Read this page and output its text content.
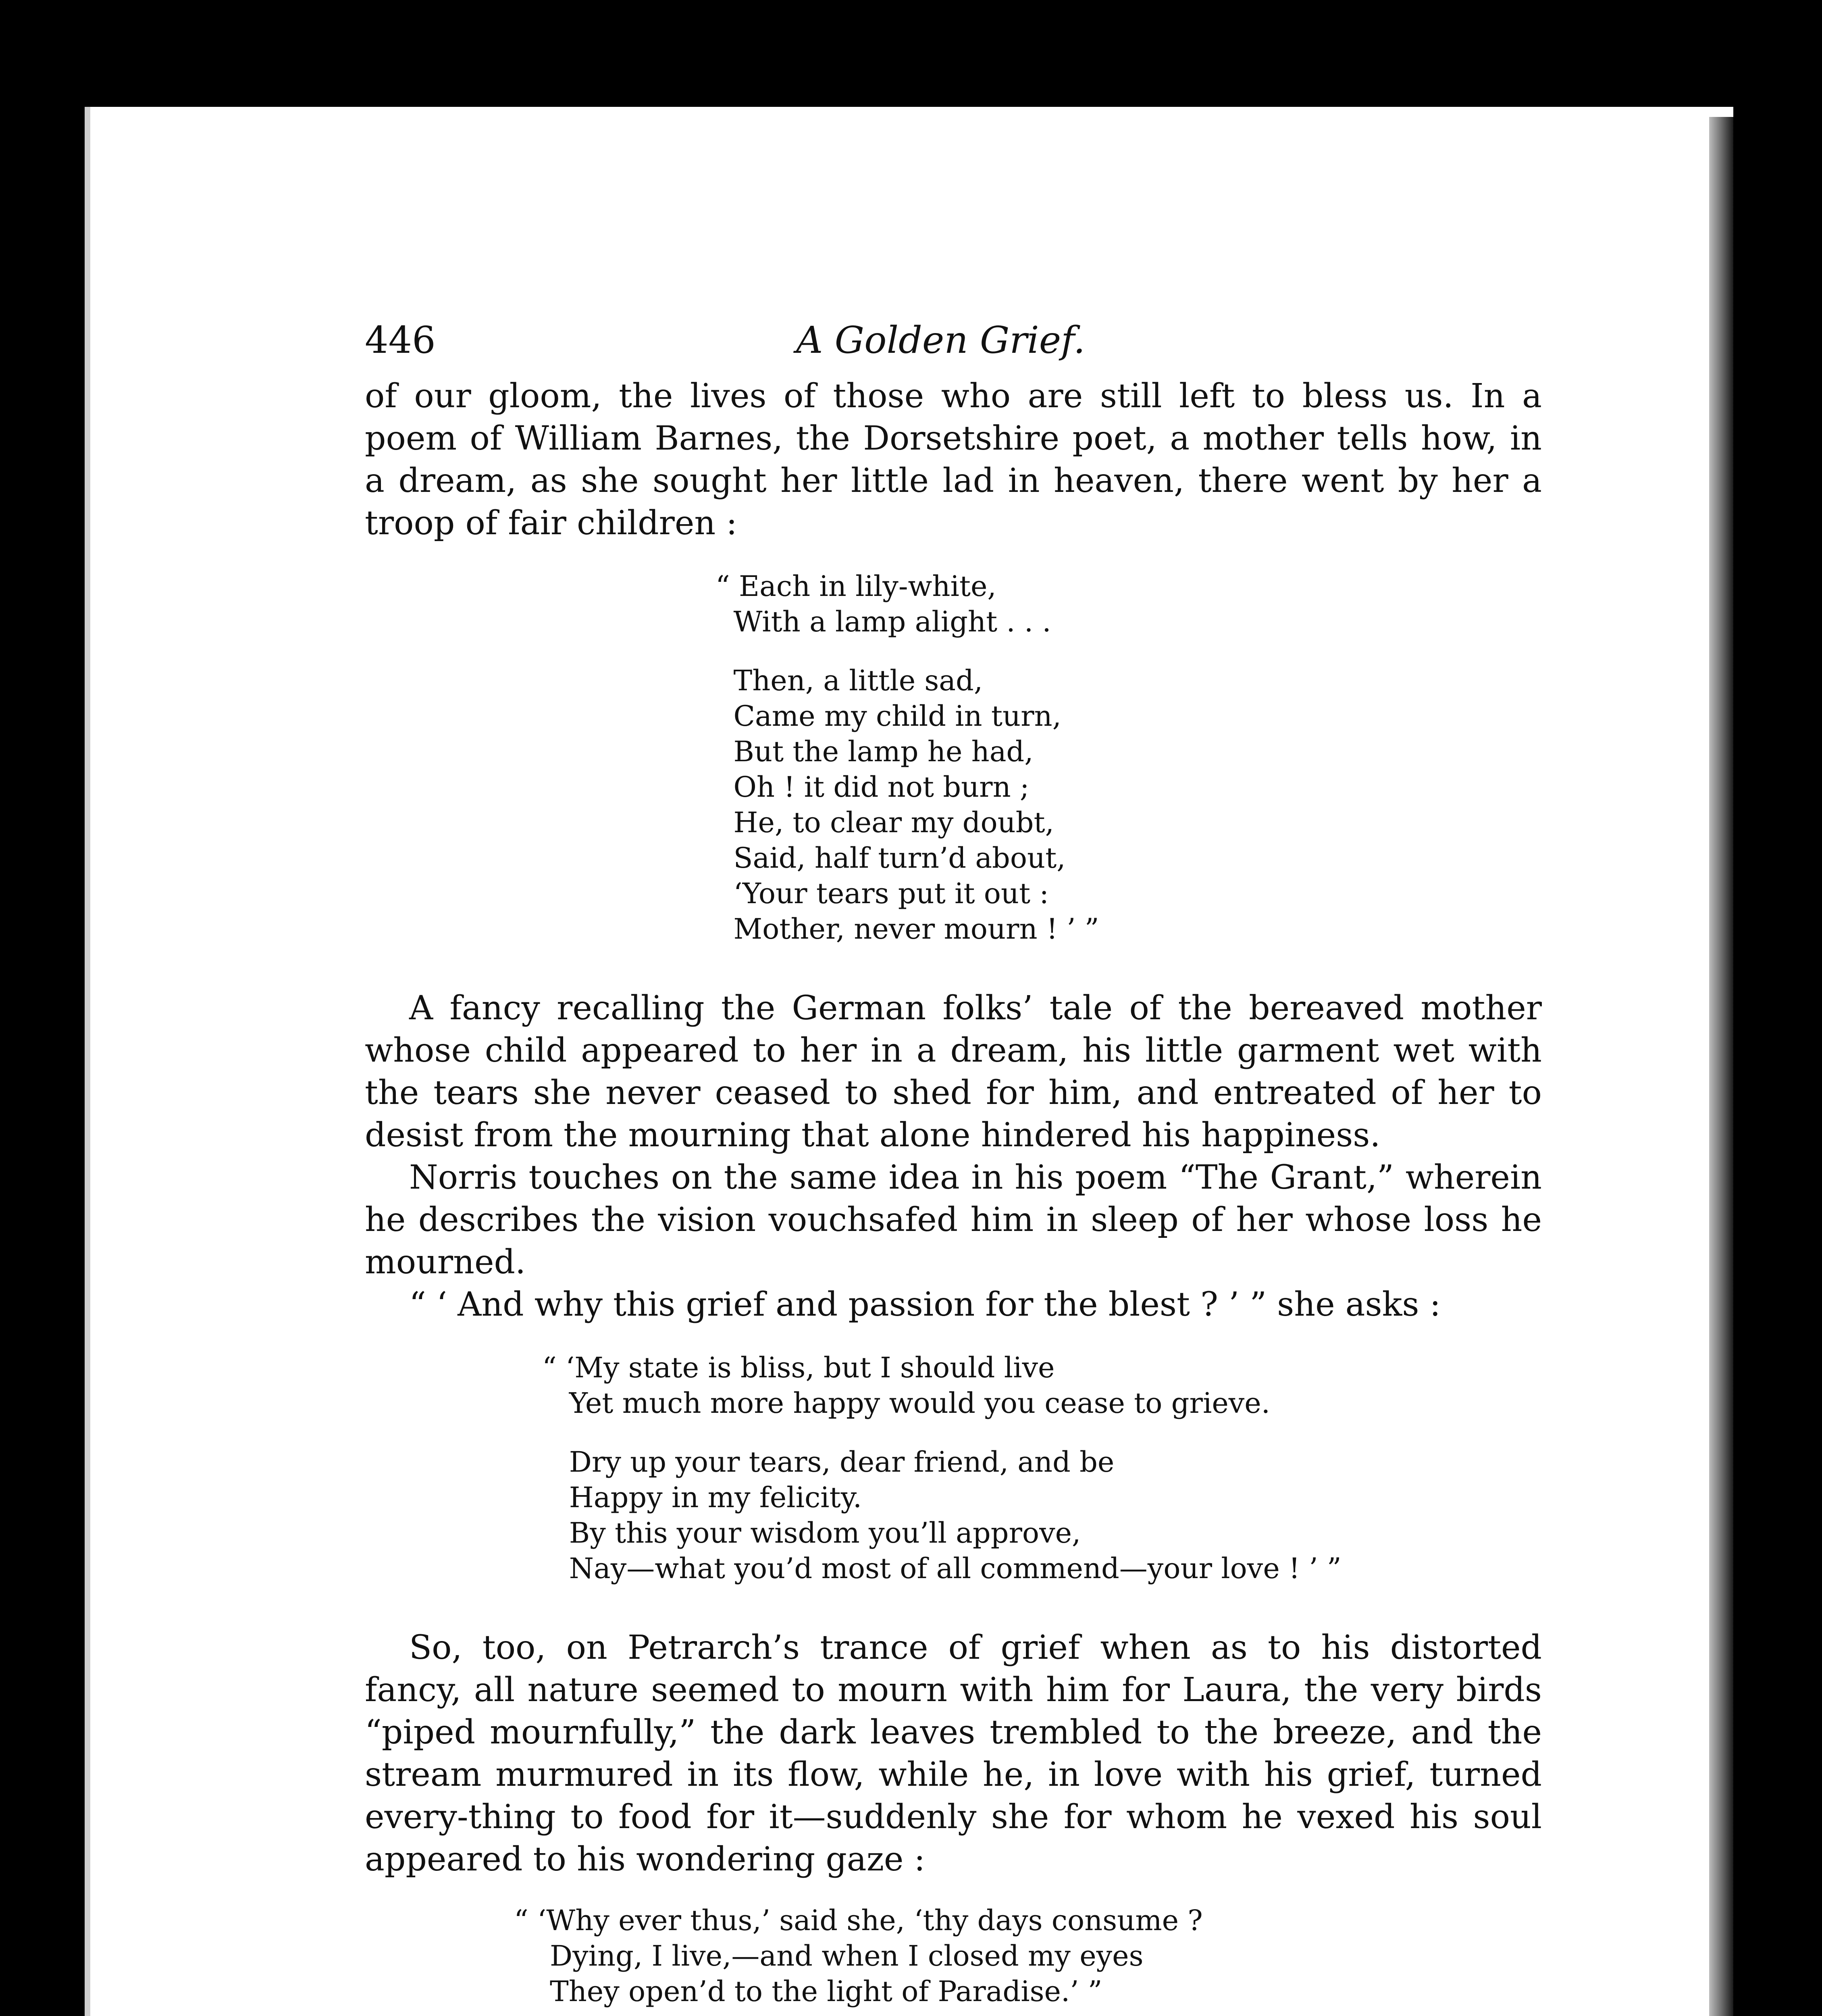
446	A Golden Grief.

of our gloom, the lives of those who are still left to bless us. In a poem of William Barnes, the Dorsetshire poet, a mother tells how, in a dream, as she sought her little lad in heaven, there went by her a troop of fair children :

“ Each in lily-white,
With a lamp alight . . .
Then, a little sad,
Came my child in turn,
But the lamp he had,
Oh ! it did not burn ;
He, to clear my doubt,
Said, half turn’d about,
‘Your tears put it out :
Mother, never mourn ! ’ ”

A fancy recalling the German folks’ tale of the bereaved mother whose child appeared to her in a dream, his little garment wet with the tears she never ceased to shed for him, and entreated of her to desist from the mourning that alone hindered his happiness.

Norris touches on the same idea in his poem “The Grant,” wherein he describes the vision vouchsafed him in sleep of her whose loss he mourned.

“ ‘ And why this grief and passion for the blest ? ’ ” she asks :

“ ‘My state is bliss, but I should live
Yet much more happy would you cease to grieve.
Dry up your tears, dear friend, and be
Happy in my felicity.
By this your wisdom you’ll approve,
Nay—what you’d most of all commend—your love ! ’ ”

So, too, on Petrarch’s trance of grief when as to his distorted fancy, all nature seemed to mourn with him for Laura, the very birds “piped mournfully,” the dark leaves trembled to the breeze, and the stream murmured in its flow, while he, in love with his grief, turned every-thing to food for it—suddenly she for whom he vexed his soul appeared to his wondering gaze :

“ ‘Why ever thus,’ said she, ‘thy days consume ?
Dying, I live,—and when I closed my eyes
They open’d to the light of Paradise.’ ”
